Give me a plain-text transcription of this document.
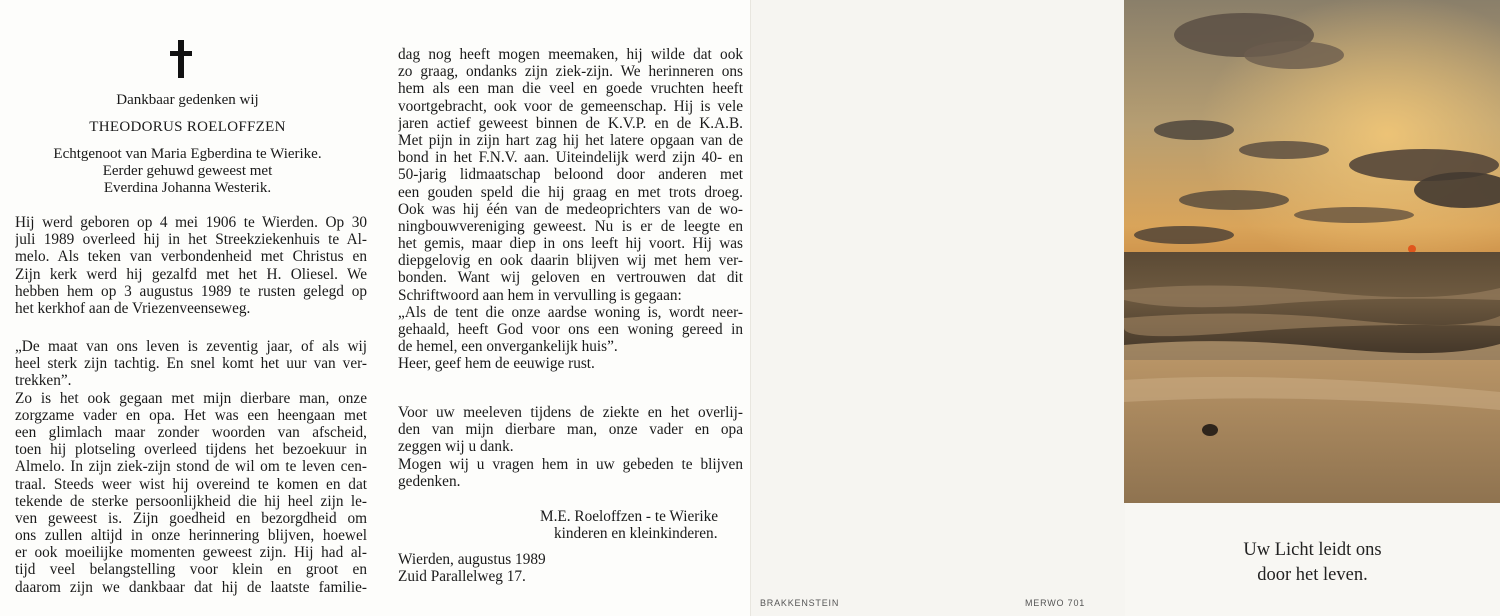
Dankbaar gedenken wij
THEODORUS ROELOFFZEN
Echtgenoot van Maria Egberdina te Wierike.
Eerder gehuwd geweest met
Everdina Johanna Westerik.
Hij werd geboren op 4 mei 1906 te Wierden. Op 30
juli 1989 overleed hij in het Streekziekenhuis te Al-
melo. Als teken van verbondenheid met Christus en
Zijn kerk werd hij gezalfd met het H. Oliesel. We
hebben hem op 3 augustus 1989 te rusten gelegd op
het kerkhof aan de Vriezenveenseweg.
„De maat van ons leven is zeventig jaar, of als wij
heel sterk zijn tachtig. En snel komt het uur van ver-
trekken”.
Zo is het ook gegaan met mijn dierbare man, onze
zorgzame vader en opa. Het was een heengaan met
een glimlach maar zonder woorden van afscheid,
toen hij plotseling overleed tijdens het bezoekuur in
Almelo. In zijn ziek-zijn stond de wil om te leven cen-
traal. Steeds weer wist hij overeind te komen en dat
tekende de sterke persoonlijkheid die hij heel zijn le-
ven geweest is. Zijn goedheid en bezorgdheid om
ons zullen altijd in onze herinnering blijven, hoewel
er ook moeilijke momenten geweest zijn. Hij had al-
tijd veel belangstelling voor klein en groot en
daarom zijn we dankbaar dat hij de laatste familie-
dag nog heeft mogen meemaken, hij wilde dat ook
zo graag, ondanks zijn ziek-zijn. We herinneren ons
hem als een man die veel en goede vruchten heeft
voortgebracht, ook voor de gemeenschap. Hij is vele
jaren actief geweest binnen de K.V.P. en de K.A.B.
Met pijn in zijn hart zag hij het latere opgaan van de
bond in het F.N.V. aan. Uiteindelijk werd zijn 40- en
50-jarig lidmaatschap beloond door anderen met
een gouden speld die hij graag en met trots droeg.
Ook was hij één van de medeoprichters van de wo-
ningbouwvereniging geweest. Nu is er de leegte en
het gemis, maar diep in ons leeft hij voort. Hij was
diepgelovig en ook daarin blijven wij met hem ver-
bonden. Want wij geloven en vertrouwen dat dit
Schriftwoord aan hem in vervulling is gegaan:
„Als de tent die onze aardse woning is, wordt neer-
gehaald, heeft God voor ons een woning gereed in
de hemel, een onvergankelijk huis”.
Heer, geef hem de eeuwige rust.
Voor uw meeleven tijdens de ziekte en het overlij-
den van mijn dierbare man, onze vader en opa
zeggen wij u dank.
Mogen wij u vragen hem in uw gebeden te blijven
gedenken.
M.E. Roeloffzen - te Wierike
kinderen en kleinkinderen.
Wierden, augustus 1989
Zuid Parallelweg 17.
BRAKKENSTEIN	MERWO 701
Uw Licht leidt ons
door het leven.
